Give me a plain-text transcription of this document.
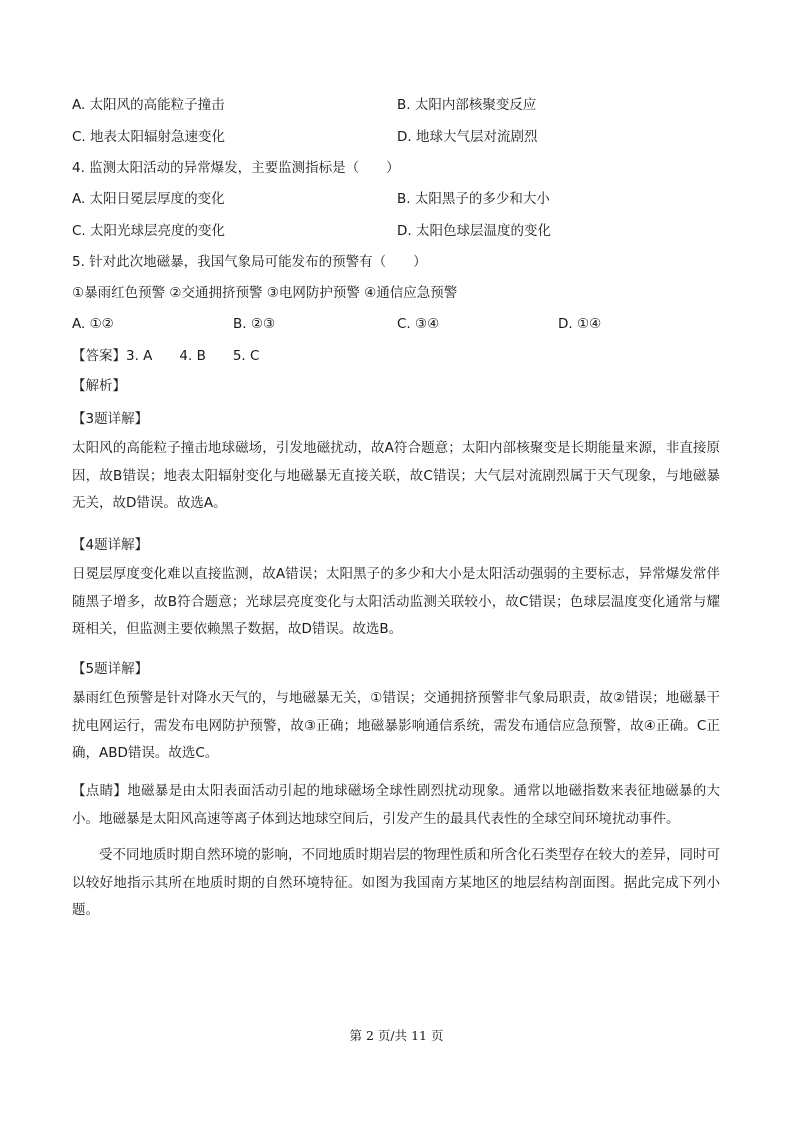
A. 太阳风的高能粒子撞击	B. 太阳内部核聚变反应
C. 地表太阳辐射急速变化	D. 地球大气层对流剧烈
4. 监测太阳活动的异常爆发，主要监测指标是（　　）
A. 太阳日冕层厚度的变化	B. 太阳黑子的多少和大小
C. 太阳光球层亮度的变化	D. 太阳色球层温度的变化
5. 针对此次地磁暴，我国气象局可能发布的预警有（　　）
①暴雨红色预警 ②交通拥挤预警 ③电网防护预警 ④通信应急预警
A. ①②	B. ②③	C. ③④	D. ①④
【答案】3. A　　4. B　　5. C
【解析】
【3题详解】
太阳风的高能粒子撞击地球磁场，引发地磁扰动，故A符合题意；太阳内部核聚变是长期能量来源，非直接原因，故B错误；地表太阳辐射变化与地磁暴无直接关联，故C错误；大气层对流剧烈属于天气现象，与地磁暴无关，故D错误。故选A。
【4题详解】
日冕层厚度变化难以直接监测，故A错误；太阳黑子的多少和大小是太阳活动强弱的主要标志，异常爆发常伴随黑子增多，故B符合题意；光球层亮度变化与太阳活动监测关联较小，故C错误；色球层温度变化通常与耀斑相关，但监测主要依赖黑子数据，故D错误。故选B。
【5题详解】
暴雨红色预警是针对降水天气的，与地磁暴无关，①错误；交通拥挤预警非气象局职责，故②错误；地磁暴干扰电网运行，需发布电网防护预警，故③正确；地磁暴影响通信系统，需发布通信应急预警，故④正确。C正确，ABD错误。故选C。
【点睛】地磁暴是由太阳表面活动引起的地球磁场全球性剧烈扰动现象。通常以地磁指数来表征地磁暴的大小。地磁暴是太阳风高速等离子体到达地球空间后，引发产生的最具代表性的全球空间环境扰动事件。
受不同地质时期自然环境的影响，不同地质时期岩层的物理性质和所含化石类型存在较大的差异，同时可以较好地指示其所在地质时期的自然环境特征。如图为我国南方某地区的地层结构剖面图。据此完成下列小题。
第 2 页/共 11 页
